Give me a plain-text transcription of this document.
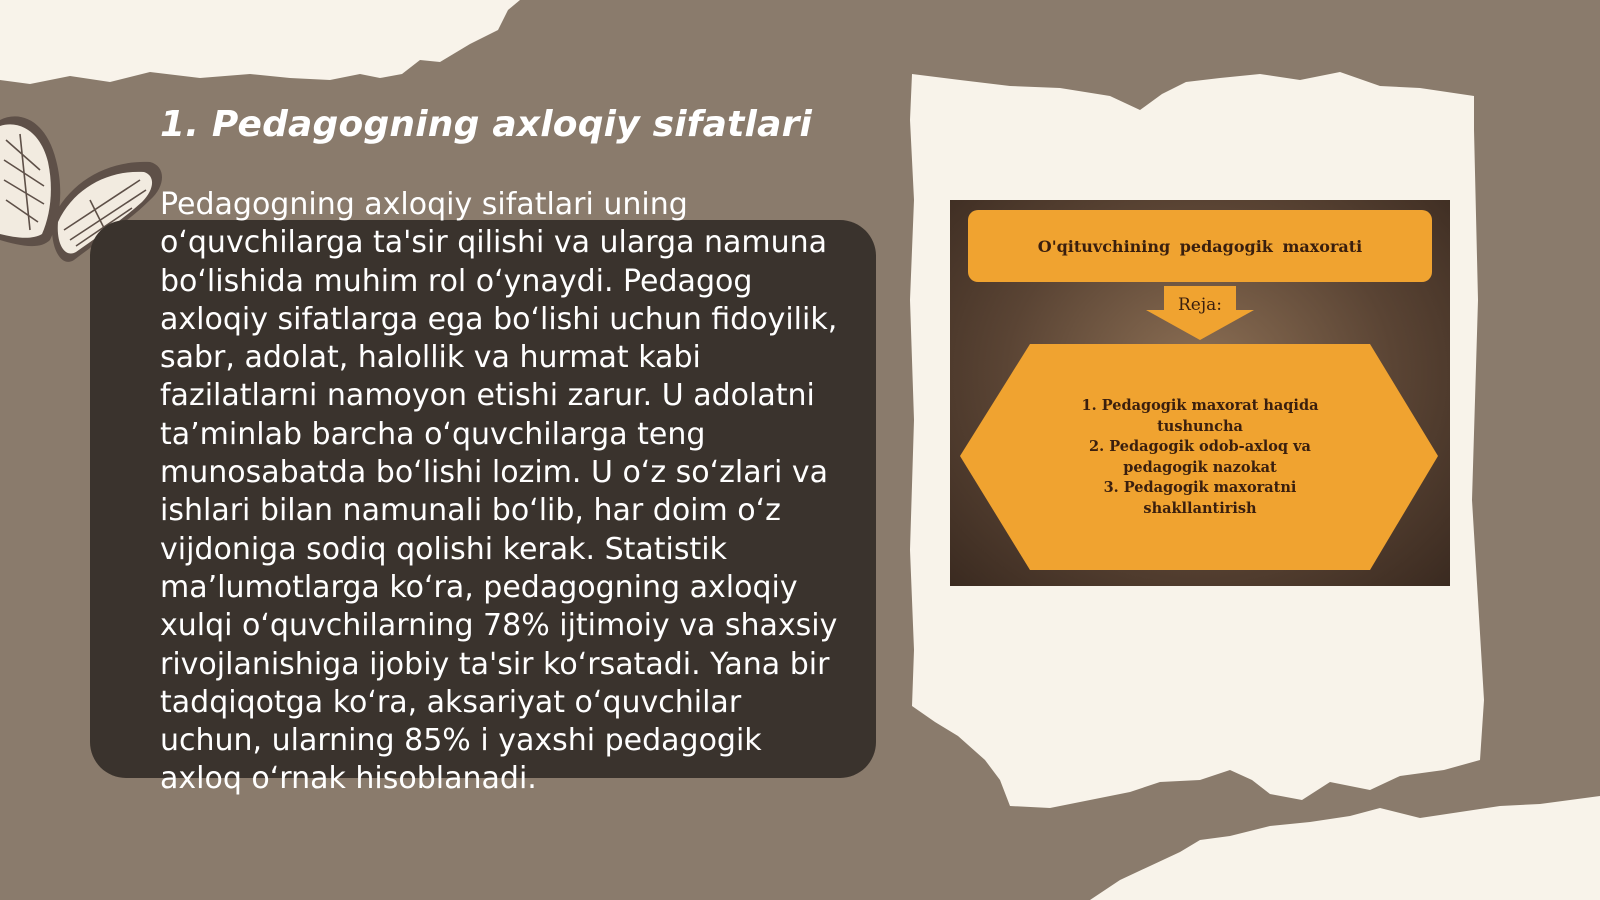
1. Pedagogning axloqiy sifatlari
Pedagogning axloqiy sifatlari uning oʻquvchilarga ta'sir qilishi va ularga namuna boʻlishida muhim rol oʻynaydi. Pedagog axloqiy sifatlarga ega boʻlishi uchun fidoyilik, sabr, adolat, halollik va hurmat kabi fazilatlarni namoyon etishi zarur. U adolatni ta’minlab barcha oʻquvchilarga teng munosabatda boʻlishi lozim. U oʻz soʻzlari va ishlari bilan namunali boʻlib, har doim oʻz vijdoniga sodiq qolishi kerak. Statistik ma’lumotlarga koʻra, pedagogning axloqiy xulqi oʻquvchilarning 78% ijtimoiy va shaxsiy rivojlanishiga ijobiy ta'sir koʻrsatadi. Yana bir tadqiqotga koʻra, aksariyat oʻquvchilar uchun, ularning 85% i yaxshi pedagogik axloq oʻrnak hisoblanadi.
O'qituvchining pedagogik maxorati
Reja:
1. Pedagogik maxorat haqida tushuncha
2. Pedagogik odob-axloq va pedagogik nazokat
3. Pedagogik maxoratni shakllantirish
